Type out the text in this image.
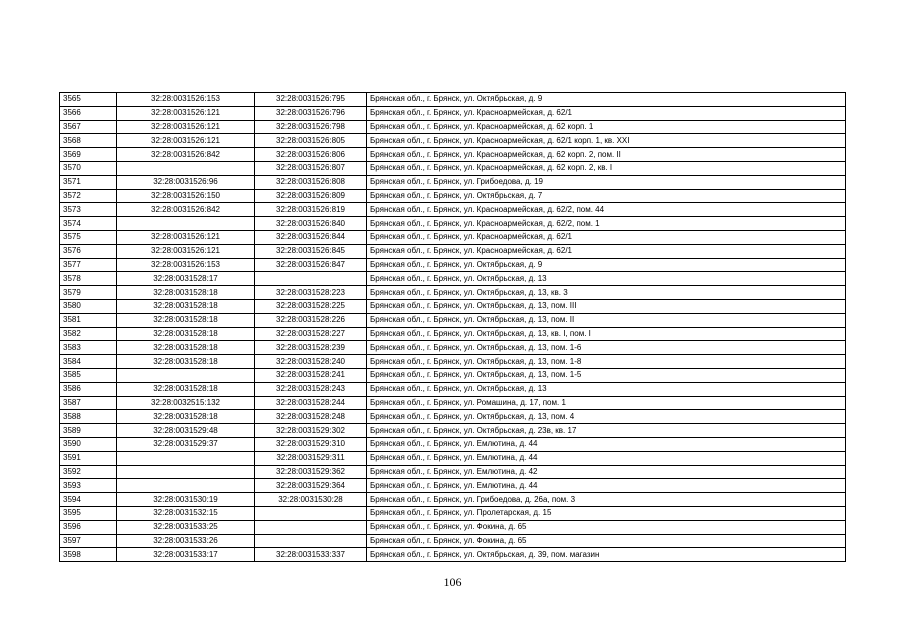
3565	32:28:0031526:153	32:28:0031526:795	Брянская обл., г. Брянск, ул. Октябрьская, д. 9
3566	32:28:0031526:121	32:28:0031526:796	Брянская обл., г. Брянск, ул. Красноармейская, д. 62/1
3567	32:28:0031526:121	32:28:0031526:798	Брянская обл., г. Брянск, ул. Красноармейская, д. 62 корп. 1
3568	32:28:0031526:121	32:28:0031526:805	Брянская обл., г. Брянск, ул. Красноармейская, д. 62/1 корп. 1, кв. XXI
3569	32:28:0031526:842	32:28:0031526:806	Брянская обл., г. Брянск, ул. Красноармейская, д. 62 корп. 2, пом. II
3570		32:28:0031526:807	Брянская обл., г. Брянск, ул. Красноармейская, д. 62 корп. 2, кв. I
3571	32:28:0031526:96	32:28:0031526:808	Брянская обл., г. Брянск, ул. Грибоедова, д. 19
3572	32:28:0031526:150	32:28:0031526:809	Брянская обл., г. Брянск, ул. Октябрьская, д. 7
3573	32:28:0031526:842	32:28:0031526:819	Брянская обл., г. Брянск, ул. Красноармейская, д. 62/2, пом. 44
3574		32:28:0031526:840	Брянская обл., г. Брянск, ул. Красноармейская, д. 62/2, пом. 1
3575	32:28:0031526:121	32:28:0031526:844	Брянская обл., г. Брянск, ул. Красноармейская, д. 62/1
3576	32:28:0031526:121	32:28:0031526:845	Брянская обл., г. Брянск, ул. Красноармейская, д. 62/1
3577	32:28:0031526:153	32:28:0031526:847	Брянская обл., г. Брянск, ул. Октябрьская, д. 9
3578	32:28:0031528:17		Брянская обл., г. Брянск, ул. Октябрьская, д. 13
3579	32:28:0031528:18	32:28:0031528:223	Брянская обл., г. Брянск, ул. Октябрьская, д. 13, кв. 3
3580	32:28:0031528:18	32:28:0031528:225	Брянская обл., г. Брянск, ул. Октябрьская, д. 13, пом. III
3581	32:28:0031528:18	32:28:0031528:226	Брянская обл., г. Брянск, ул. Октябрьская, д. 13, пом. II
3582	32:28:0031528:18	32:28:0031528:227	Брянская обл., г. Брянск, ул. Октябрьская, д. 13, кв. I, пом. I
3583	32:28:0031528:18	32:28:0031528:239	Брянская обл., г. Брянск, ул. Октябрьская, д. 13, пом. 1-6
3584	32:28:0031528:18	32:28:0031528:240	Брянская обл., г. Брянск, ул. Октябрьская, д. 13, пом. 1-8
3585		32:28:0031528:241	Брянская обл., г. Брянск, ул. Октябрьская, д. 13, пом. 1-5
3586	32:28:0031528:18	32:28:0031528:243	Брянская обл., г. Брянск, ул. Октябрьская, д. 13
3587	32:28:0032515:132	32:28:0031528:244	Брянская обл., г. Брянск, ул. Ромашина, д. 17, пом. 1
3588	32:28:0031528:18	32:28:0031528:248	Брянская обл., г. Брянск, ул. Октябрьская, д. 13, пом. 4
3589	32:28:0031529:48	32:28:0031529:302	Брянская обл., г. Брянск, ул. Октябрьская, д. 23в, кв. 17
3590	32:28:0031529:37	32:28:0031529:310	Брянская обл., г. Брянск, ул. Емлютина, д. 44
3591		32:28:0031529:311	Брянская обл., г. Брянск, ул. Емлютина, д. 44
3592		32:28:0031529:362	Брянская обл., г. Брянск, ул. Емлютина, д. 42
3593		32:28:0031529:364	Брянская обл., г. Брянск, ул. Емлютина, д. 44
3594	32:28:0031530:19	32:28:0031530:28	Брянская обл., г. Брянск, ул. Грибоедова, д. 26а, пом. 3
3595	32:28:0031532:15		Брянская обл., г. Брянск, ул. Пролетарская, д. 15
3596	32:28:0031533:25		Брянская обл., г. Брянск, ул. Фокина, д. 65
3597	32:28:0031533:26		Брянская обл., г. Брянск, ул. Фокина, д. 65
3598	32:28:0031533:17	32:28:0031533:337	Брянская обл., г. Брянск, ул. Октябрьская, д. 39, пом. магазин
106
